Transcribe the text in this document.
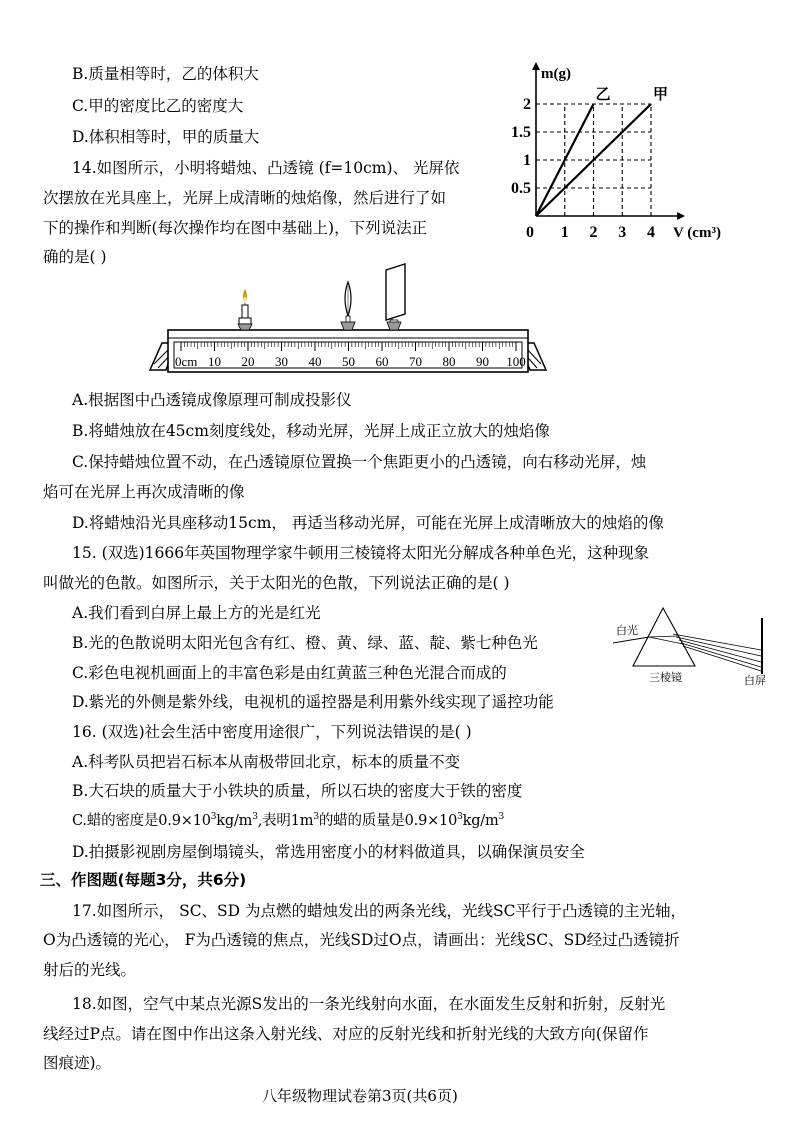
B.质量相等时，乙的体积大
C.甲的密度比乙的密度大
D.体积相等时，甲的质量大
1 2 3 4
0.5
1
1.5
2
0
m(g)
V (cm³)
乙	甲
14.如图所示，小明将蜡烛、凸透镜 (f=10cm)、 光屏依
次摆放在光具座上，光屏上成清晰的烛焰像，然后进行了如
下的操作和判断(每次操作均在图中基础上)，下列说法正
确的是( )
0cm 10 20 30 40 50 60 70 80 90 100
A.根据图中凸透镜成像原理可制成投影仪
B.将蜡烛放在45cm刻度线处，移动光屏，光屏上成正立放大的烛焰像
C.保持蜡烛位置不动，在凸透镜原位置换一个焦距更小的凸透镜，向右移动光屏，烛
焰可在光屏上再次成清晰的像
D.将蜡烛沿光具座移动15cm， 再适当移动光屏，可能在光屏上成清晰放大的烛焰的像
15. (双选)1666年英国物理学家牛顿用三棱镜将太阳光分解成各种单色光，这种现象
叫做光的色散。如图所示，关于太阳光的色散，下列说法正确的是( )
A.我们看到白屏上最上方的光是红光
B.光的色散说明太阳光包含有红、橙、黄、绿、蓝、靛、紫七种色光
C.彩色电视机画面上的丰富色彩是由红黄蓝三种色光混合而成的
D.紫光的外侧是紫外线，电视机的遥控器是利用紫外线实现了遥控功能
白光
三棱镜	白屏
16. (双选)社会生活中密度用途很广，下列说法错误的是( )
A.科考队员把岩石标本从南极带回北京，标本的质量不变
B.大石块的质量大于小铁块的质量，所以石块的密度大于铁的密度
C.蜡的密度是$0.9\times 10^3kg/m^3$,表明$1m^3$的蜡的质量是$0.9\times 10^3kg/m^3$
D.拍摄影视剧房屋倒塌镜头，常选用密度小的材料做道具，以确保演员安全
三、作图题(每题3分，共6分)
17.如图所示， SC、SD 为点燃的蜡烛发出的两条光线，光线SC平行于凸透镜的主光轴，
O为凸透镜的光心， F为凸透镜的焦点，光线SD过O点，请画出：光线SC、SD经过凸透镜折
射后的光线。
18.如图，空气中某点光源S发出的一条光线射向水面，在水面发生反射和折射，反射光
线经过P点。请在图中作出这条入射光线、对应的反射光线和折射光线的大致方向(保留作
图痕迹)。
八年级物理试卷第3页(共6页)
